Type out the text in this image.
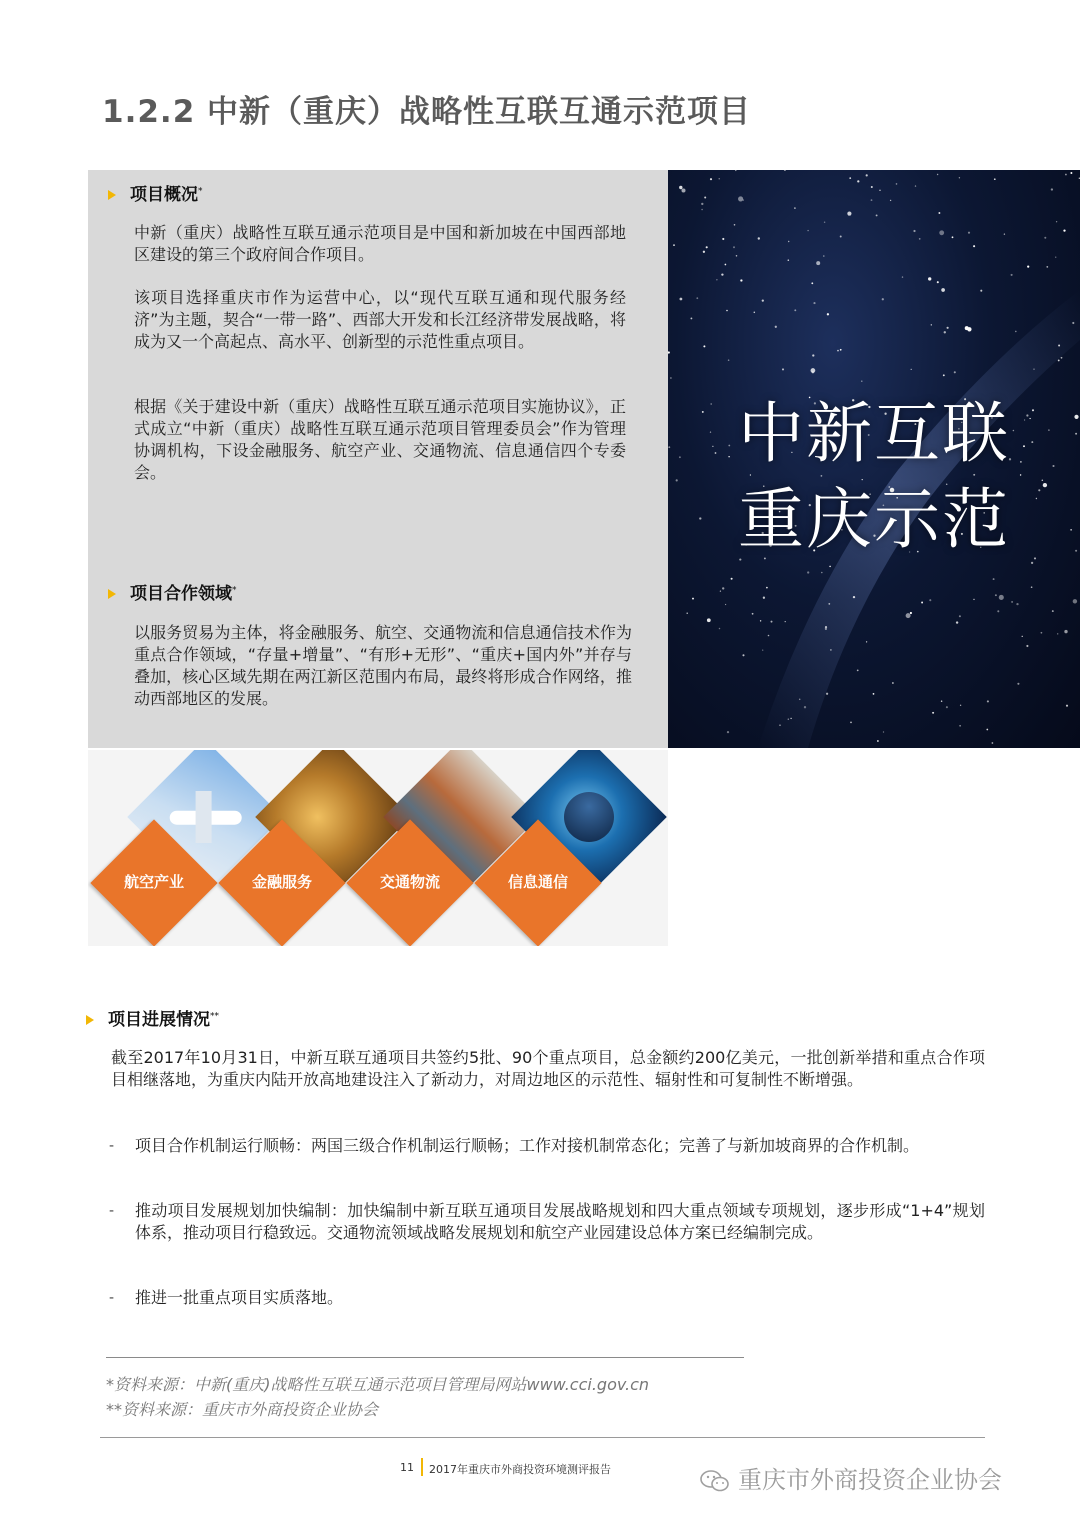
1.2.2 中新（重庆）战略性互联互通示范项目
项目概况*

中新（重庆）战略性互联互通示范项目是中国和新加坡在中国西部地区建设的第三个政府间合作项目。

该项目选择重庆市作为运营中心，以“现代互联互通和现代服务经济”为主题，契合“一带一路”、西部大开发和长江经济带发展战略，将成为又一个高起点、高水平、创新型的示范性重点项目。

根据《关于建设中新（重庆）战略性互联互通示范项目实施协议》，正式成立“中新（重庆）战略性互联互通示范项目管理委员会”作为管理协调机构，下设金融服务、航空产业、交通物流、信息通信四个专委会。

项目合作领域*

以服务贸易为主体，将金融服务、航空、交通物流和信息通信技术作为重点合作领域，“存量+增量”、“有形+无形”、“重庆+国内外”并存与叠加，核心区域先期在两江新区范围内布局，最终将形成合作网络，推动西部地区的发展。

中新互联
重庆示范
航空产业	金融服务	交通物流	信息通信
项目进展情况**

截至2017年10月31日，中新互联互通项目共签约5批、90个重点项目，总金额约200亿美元，一批创新举措和重点合作项目相继落地，为重庆内陆开放高地建设注入了新动力，对周边地区的示范性、辐射性和可复制性不断增强。

- 项目合作机制运行顺畅：两国三级合作机制运行顺畅；工作对接机制常态化；完善了与新加坡商界的合作机制。

- 推动项目发展规划加快编制：加快编制中新互联互通项目发展战略规划和四大重点领域专项规划，逐步形成“1+4”规划体系，推动项目行稳致远。交通物流领域战略发展规划和航空产业园建设总体方案已经编制完成。

- 推进一批重点项目实质落地。

*资料来源：中新(重庆)战略性互联互通示范项目管理局网站www.cci.gov.cn
**资料来源：重庆市外商投资企业协会
11 2017年重庆市外商投资环境测评报告	重庆市外商投资企业协会
